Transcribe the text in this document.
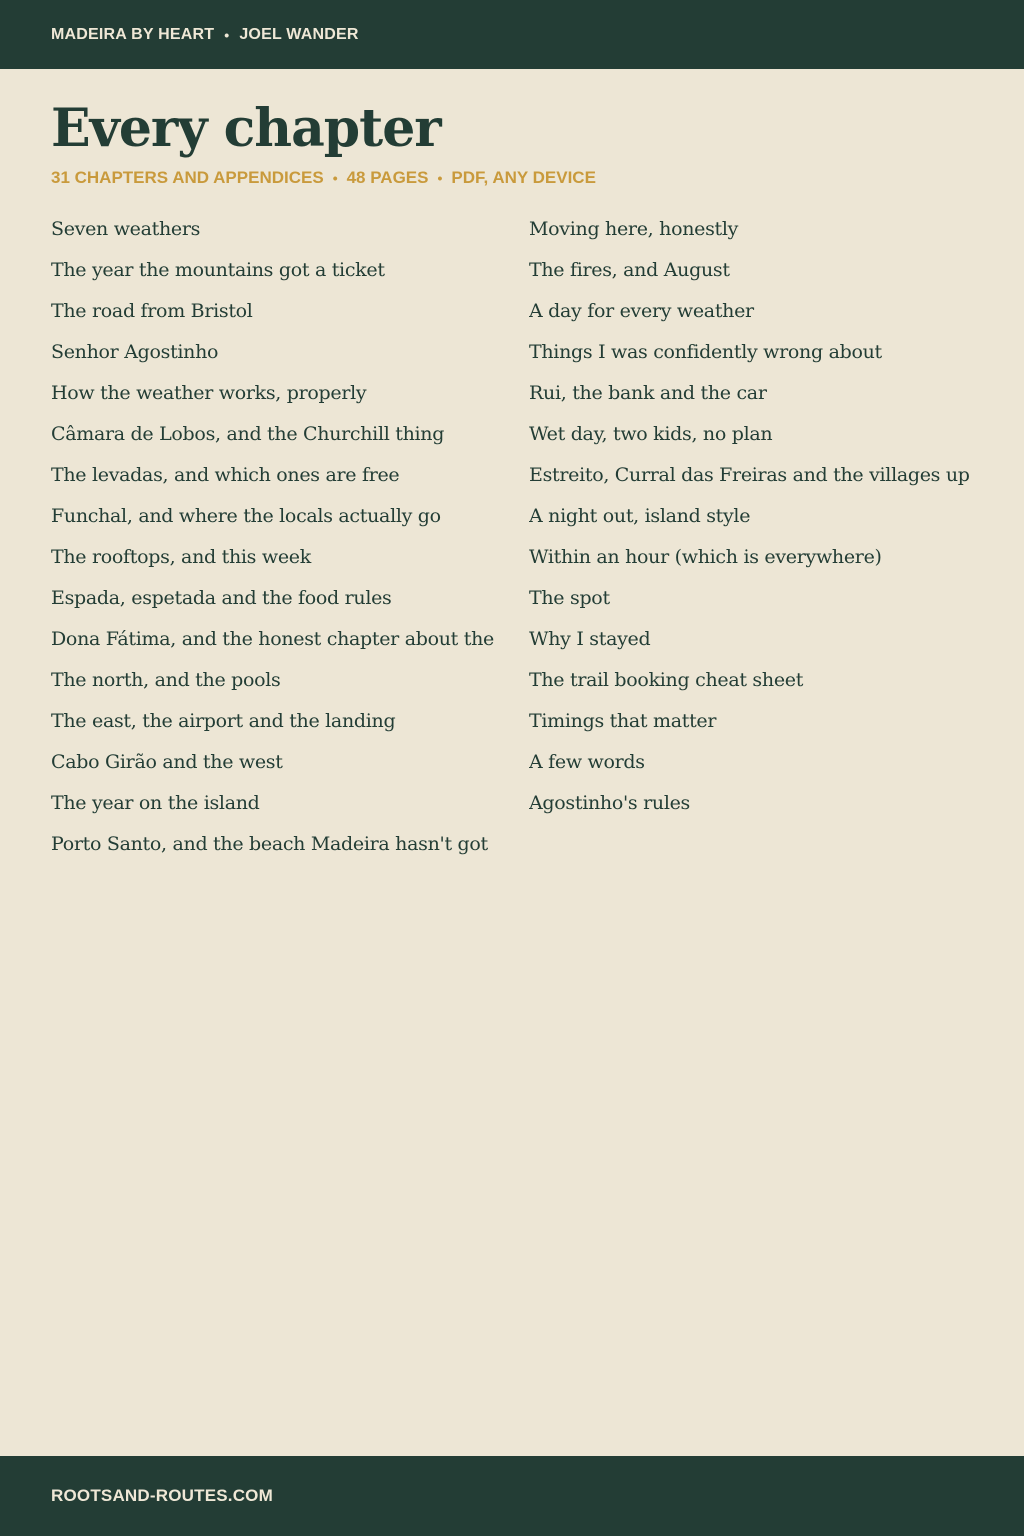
MADEIRA BY HEART • JOEL WANDER
Every chapter
31 CHAPTERS AND APPENDICES • 48 PAGES • PDF, ANY DEVICE
Seven weathers
The year the mountains got a ticket
The road from Bristol
Senhor Agostinho
How the weather works, properly
Câmara de Lobos, and the Churchill thing
The levadas, and which ones are free
Funchal, and where the locals actually go
The rooftops, and this week
Espada, espetada and the food rules
Dona Fátima, and the honest chapter about the
The north, and the pools
The east, the airport and the landing
Cabo Girão and the west
The year on the island
Porto Santo, and the beach Madeira hasn't got
Moving here, honestly
The fires, and August
A day for every weather
Things I was confidently wrong about
Rui, the bank and the car
Wet day, two kids, no plan
Estreito, Curral das Freiras and the villages up
A night out, island style
Within an hour (which is everywhere)
The spot
Why I stayed
The trail booking cheat sheet
Timings that matter
A few words
Agostinho's rules
ROOTSAND-ROUTES.COM
